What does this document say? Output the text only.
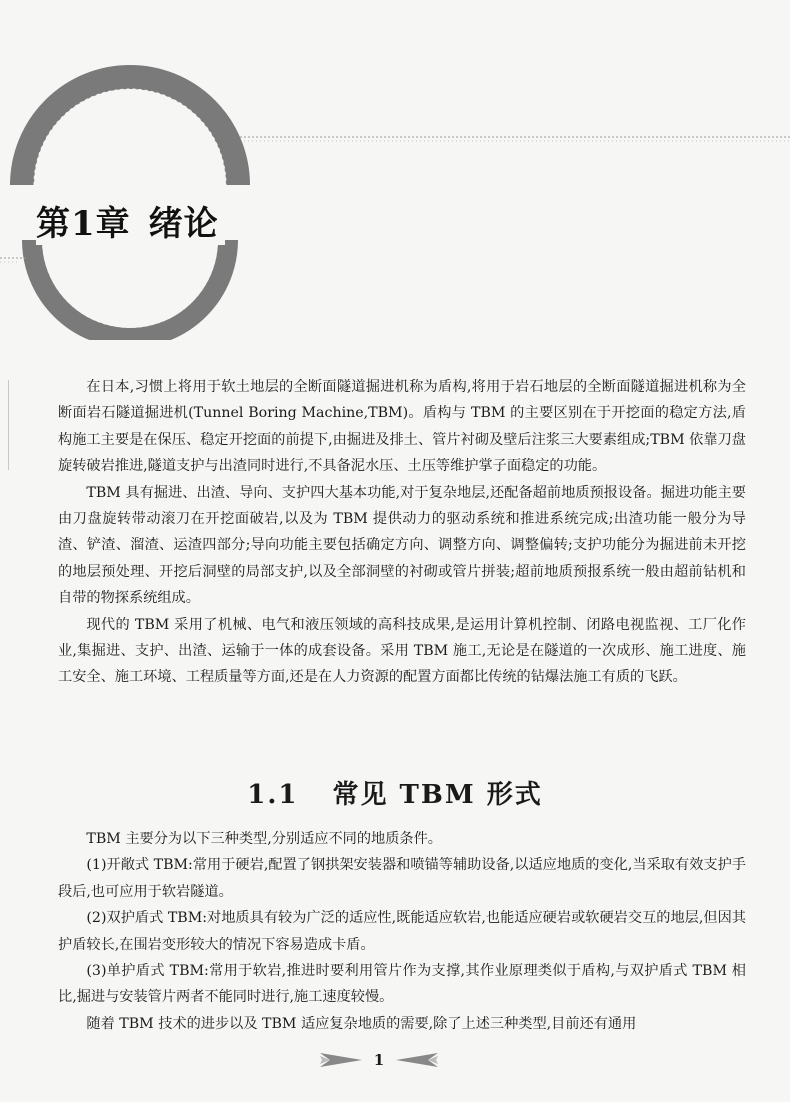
第1章 绪论

在日本,习惯上将用于软土地层的全断面隧道掘进机称为盾构,将用于岩石地层的全断面隧道掘进机称为全断面岩石隧道掘进机(Tunnel Boring Machine,TBM)。盾构与 TBM 的主要区别在于开挖面的稳定方法,盾构施工主要是在保压、稳定开挖面的前提下,由掘进及排土、管片衬砌及壁后注浆三大要素组成;TBM 依靠刀盘旋转破岩推进,隧道支护与出渣同时进行,不具备泥水压、土压等维护掌子面稳定的功能。

TBM 具有掘进、出渣、导向、支护四大基本功能,对于复杂地层,还配备超前地质预报设备。掘进功能主要由刀盘旋转带动滚刀在开挖面破岩,以及为 TBM 提供动力的驱动系统和推进系统完成;出渣功能一般分为导渣、铲渣、溜渣、运渣四部分;导向功能主要包括确定方向、调整方向、调整偏转;支护功能分为掘进前未开挖的地层预处理、开挖后洞壁的局部支护,以及全部洞壁的衬砌或管片拼装;超前地质预报系统一般由超前钻机和自带的物探系统组成。

现代的 TBM 采用了机械、电气和液压领域的高科技成果,是运用计算机控制、闭路电视监视、工厂化作业,集掘进、支护、出渣、运输于一体的成套设备。采用 TBM 施工,无论是在隧道的一次成形、施工进度、施工安全、施工环境、工程质量等方面,还是在人力资源的配置方面都比传统的钻爆法施工有质的飞跃。

1.1 常见 TBM 形式

TBM 主要分为以下三种类型,分别适应不同的地质条件。

(1)开敞式 TBM:常用于硬岩,配置了钢拱架安装器和喷锚等辅助设备,以适应地质的变化,当采取有效支护手段后,也可应用于软岩隧道。

(2)双护盾式 TBM:对地质具有较为广泛的适应性,既能适应软岩,也能适应硬岩或软硬岩交互的地层,但因其护盾较长,在围岩变形较大的情况下容易造成卡盾。

(3)单护盾式 TBM:常用于软岩,推进时要利用管片作为支撑,其作业原理类似于盾构,与双护盾式 TBM 相比,掘进与安装管片两者不能同时进行,施工速度较慢。

随着 TBM 技术的进步以及 TBM 适应复杂地质的需要,除了上述三种类型,目前还有通用

1
